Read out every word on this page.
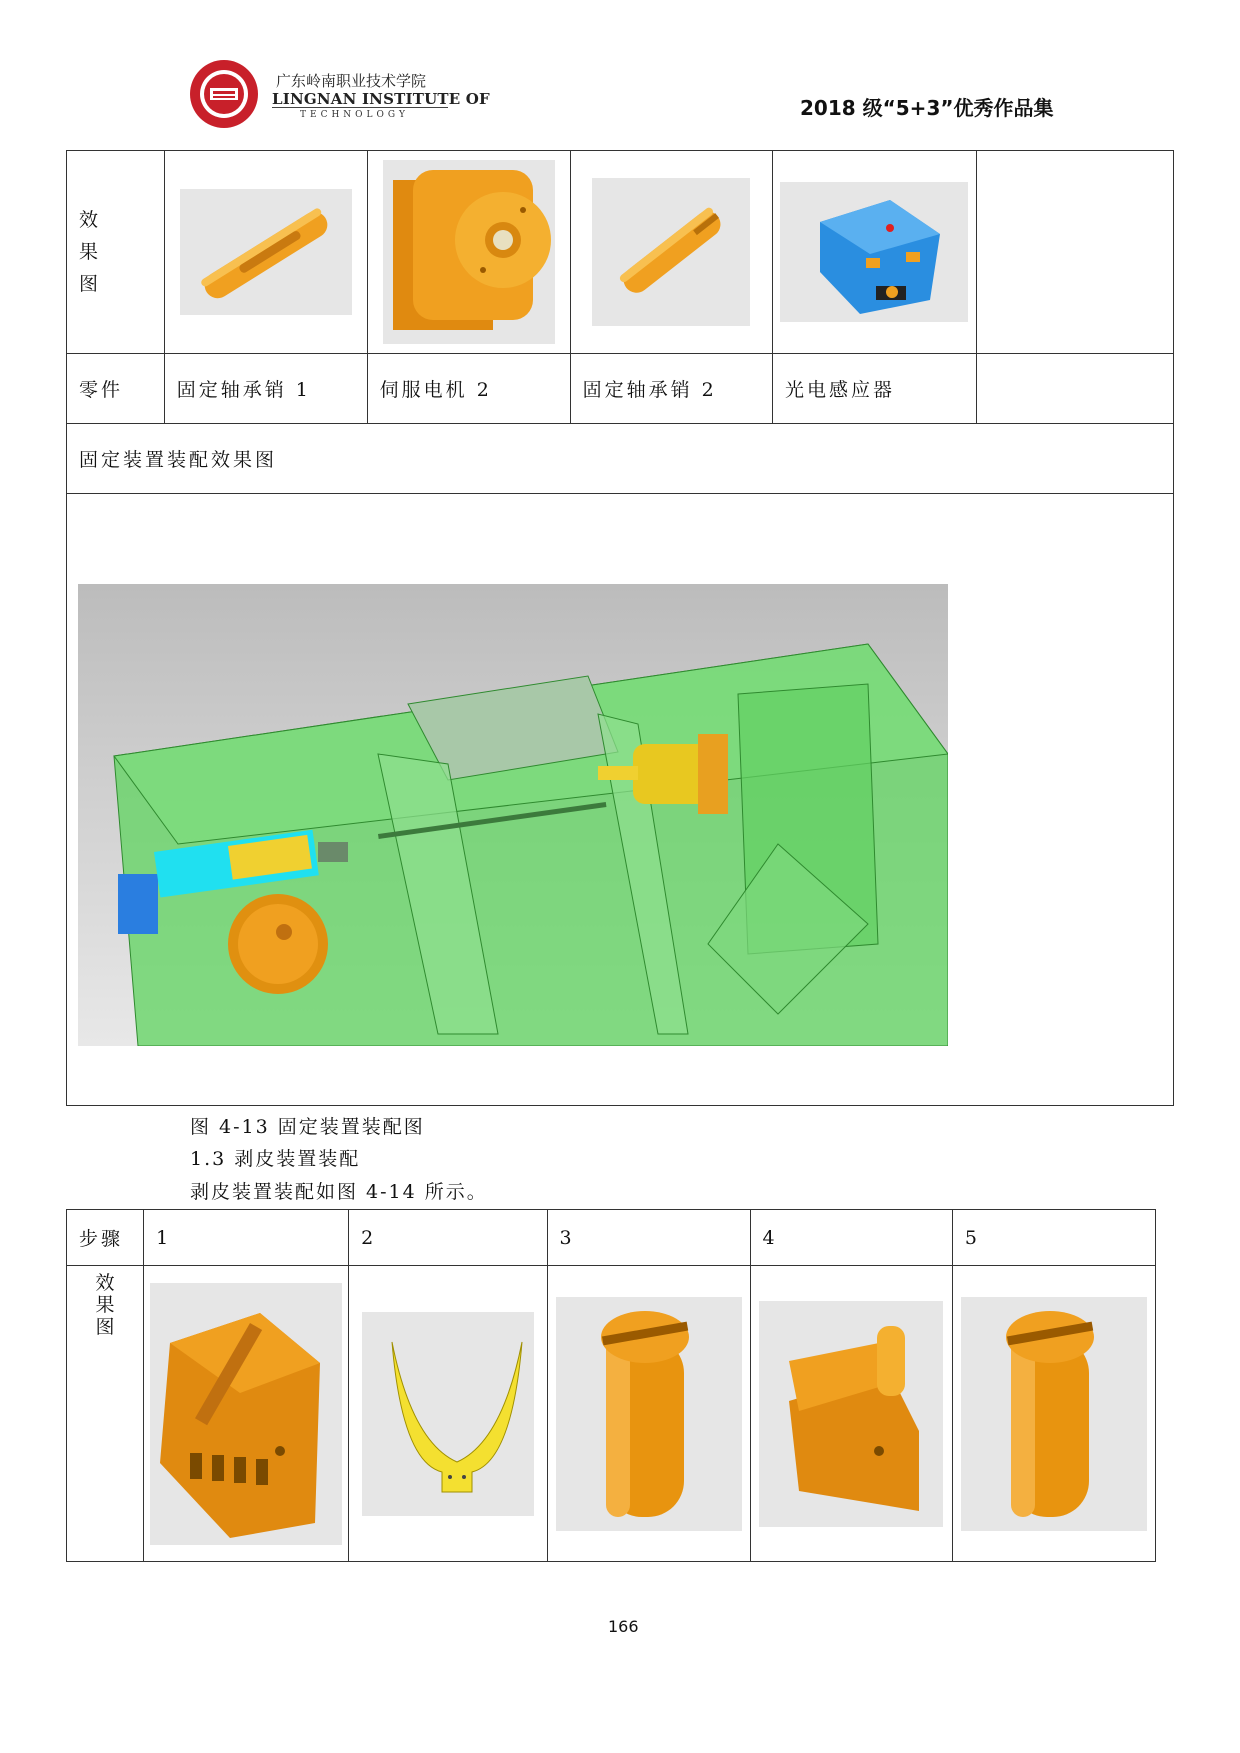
广东岭南职业技术学院
LINGNAN INSTITUTE OF
TECHNOLOGY	2018 级“5+3”优秀作品集
效
果
图

零件	固定轴承销 1	伺服电机 2	固定轴承销 2	光电感应器	
固定装置装配效果图					

图 4-13 固定装置装配图
1.3 剥皮装置装配
剥皮装置装配如图 4-14 所示。
步骤	1	2	3	4	5

效
果
图

166
